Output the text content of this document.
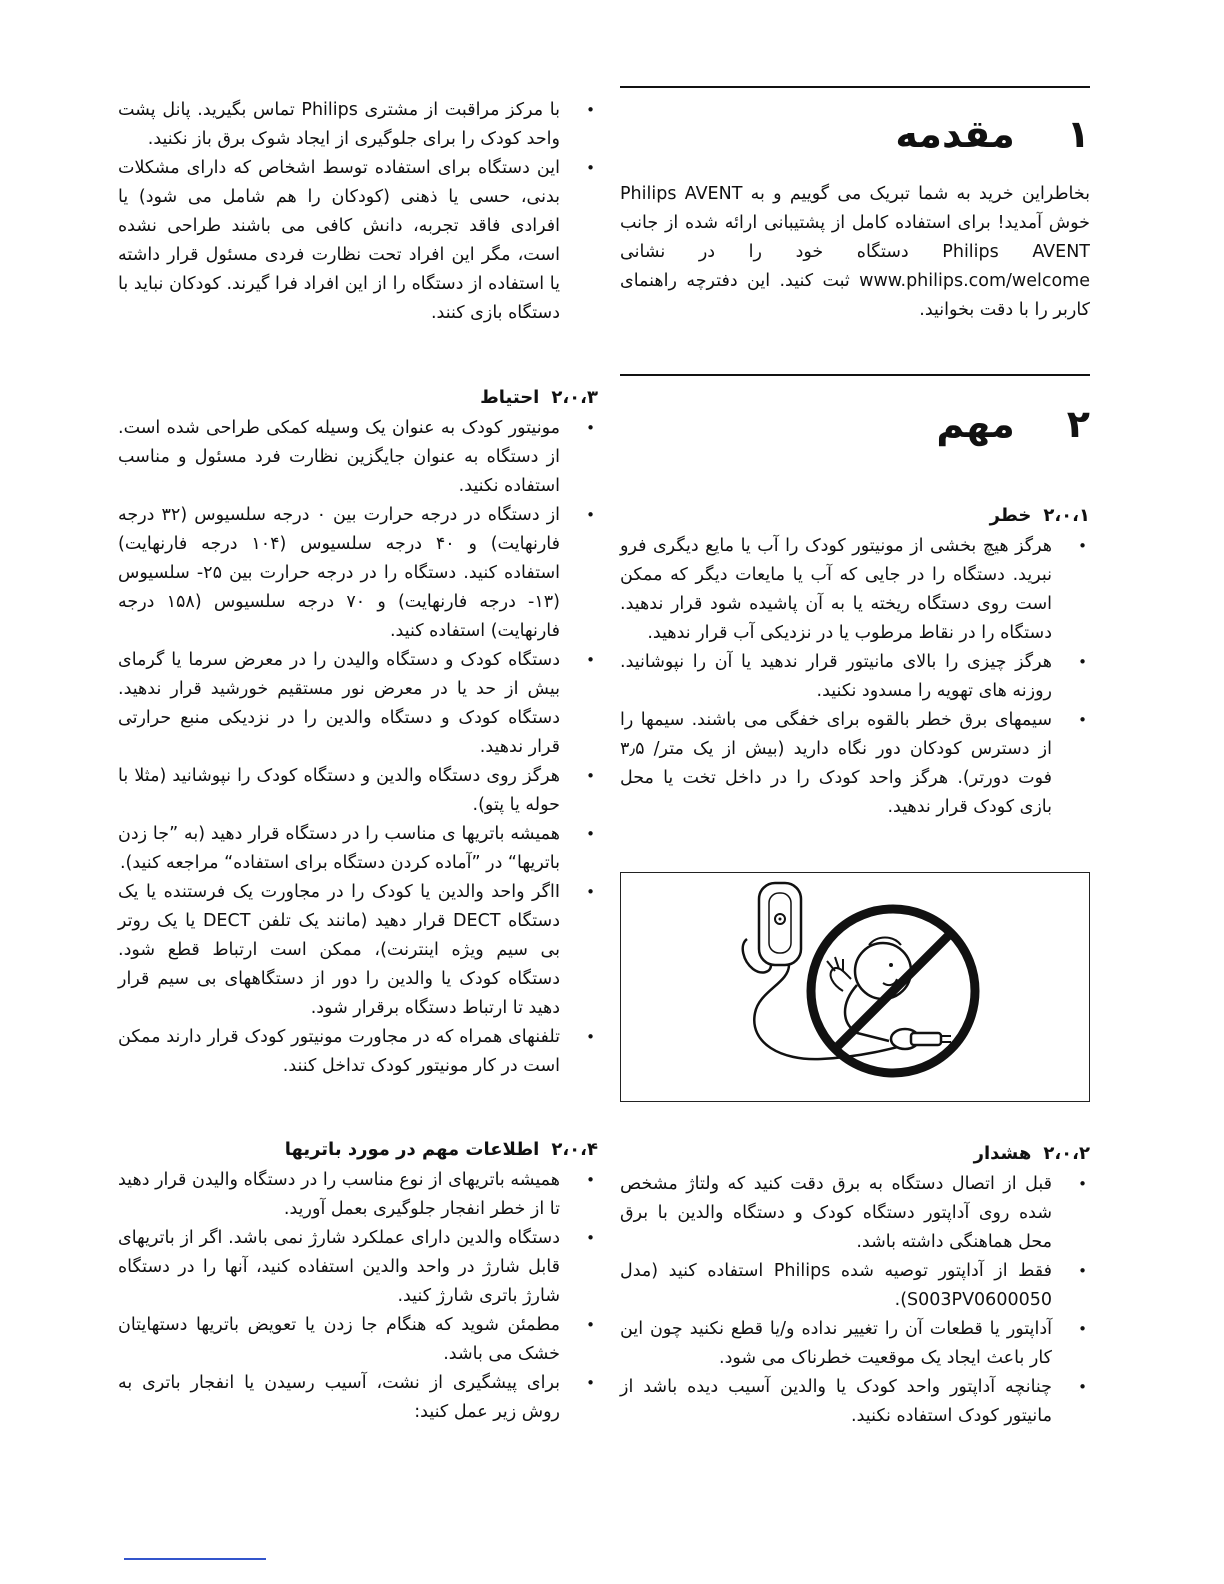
۱
مقدمه

بخاطراین خرید به شما تبریک می گوییم و به Philips AVENT خوش آمدید! برای استفاده کامل از پشتیبانی ارائه شده از جانب Philips AVENT دستگاه خود را در نشانی www.philips.com/welcome ثبت کنید. این دفترچه راهنمای کاربر را با دقت بخوانید.

۲
مهم
۲،۰،۱
خطر
•
هرگز هیچ بخشی از مونیتور کودک را آب یا مایع دیگری فرو نبرید. دستگاه را در جایی که آب یا مایعات دیگر که ممکن است روی دستگاه ریخته یا به آن پاشیده شود قرار ندهید. دستگاه را در نقاط مرطوب یا در نزدیکی آب قرار ندهید.
•
هرگز چیزی را بالای مانیتور قرار ندهید یا آن را نپوشانید. روزنه های تهویه را مسدود نکنید.
•
سیمهای برق خطر بالقوه برای خفگی می باشند. سیمها را از دسترس کودکان دور نگاه دارید (بیش از یک متر/ ۳٫۵ فوت دورتر). هرگز واحد کودک را در داخل تخت یا محل بازی کودک قرار ندهید.
۲،۰،۲
هشدار
•
قبل از اتصال دستگاه به برق دقت کنید که ولتاژ مشخص شده روی آداپتور دستگاه کودک و دستگاه والدین با برق محل هماهنگی داشته باشد.
•
فقط از آداپتور توصیه شده Philips استفاده کنید (مدل S003PV0600050).
•
آداپتور یا قطعات آن را تغییر نداده و/یا قطع نکنید چون این کار باعث ایجاد یک موقعیت خطرناک می شود.
•
چنانچه آداپتور واحد کودک یا والدین آسیب دیده باشد از مانیتور کودک استفاده نکنید.
•
با مرکز مراقبت از مشتری Philips تماس بگیرید. پانل پشت واحد کودک را برای جلوگیری از ایجاد شوک برق باز نکنید.
•
این دستگاه برای استفاده توسط اشخاص که دارای مشکلات بدنی، حسی یا ذهنی (کودکان را هم شامل می شود) یا افرادی فاقد تجربه، دانش کافی می باشند طراحی نشده است، مگر این افراد تحت نظارت فردی مسئول قرار داشته یا استفاده از دستگاه را از این افراد فرا گیرند. کودکان نباید با دستگاه بازی کنند.
۲،۰،۳
احتیاط
•
مونیتور کودک به عنوان یک وسیله کمکی طراحی شده است. از دستگاه به عنوان جایگزین نظارت فرد مسئول و مناسب استفاده نکنید.
•
از دستگاه در درجه حرارت بین ۰ درجه سلسیوس (۳۲ درجه فارنهایت) و ۴۰ درجه سلسیوس (۱۰۴ درجه فارنهایت) استفاده کنید. دستگاه را در درجه حرارت بین ۲۵- سلسیوس (۱۳- درجه فارنهایت) و ۷۰ درجه سلسیوس (۱۵۸ درجه فارنهایت) استفاده کنید.
•
دستگاه کودک و دستگاه والیدن را در معرض سرما یا گرمای بیش از حد یا در معرض نور مستقیم خورشید قرار ندهید. دستگاه کودک و دستگاه والدین را در نزدیکی منبع حرارتی قرار ندهید.
•
هرگز روی دستگاه والدین و دستگاه کودک را نپوشانید (مثلا با حوله یا پتو).
•
همیشه باتریها ی مناسب را در دستگاه قرار دهید (به ”جا زدن باتریها“ در ”آماده کردن دستگاه برای استفاده“ مراجعه کنید).
•
Iاگر واحد والدین یا کودک را در مجاورت یک فرستنده یا یک دستگاه DECT قرار دهید (مانند یک تلفن DECT یا یک روتر بی سیم ویژه اینترنت)، ممکن است ارتباط قطع شود. دستگاه کودک یا والدین را دور از دستگاههای بی سیم قرار دهید تا ارتباط دستگاه برقرار شود.
•
تلفنهای همراه که در مجاورت مونیتور کودک قرار دارند ممکن است در کار مونیتور کودک تداخل کنند.
۲،۰،۴
اطلاعات مهم در مورد باتریها
•
همیشه باتریهای از نوع مناسب را در دستگاه والیدن قرار دهید تا از خطر انفجار جلوگیری بعمل آورید.
•
دستگاه والدین دارای عملکرد شارژ نمی باشد. اگر از باتریهای قابل شارژ در واحد والدین استفاده کنید، آنها را در دستگاه شارژ باتری شارژ کنید.
•
مطمئن شوید که هنگام جا زدن یا تعویض باتریها دستهایتان خشک می باشد.
•
برای پیشگیری از نشت، آسیب رسیدن یا انفجار باتری به روش زیر عمل کنید:
